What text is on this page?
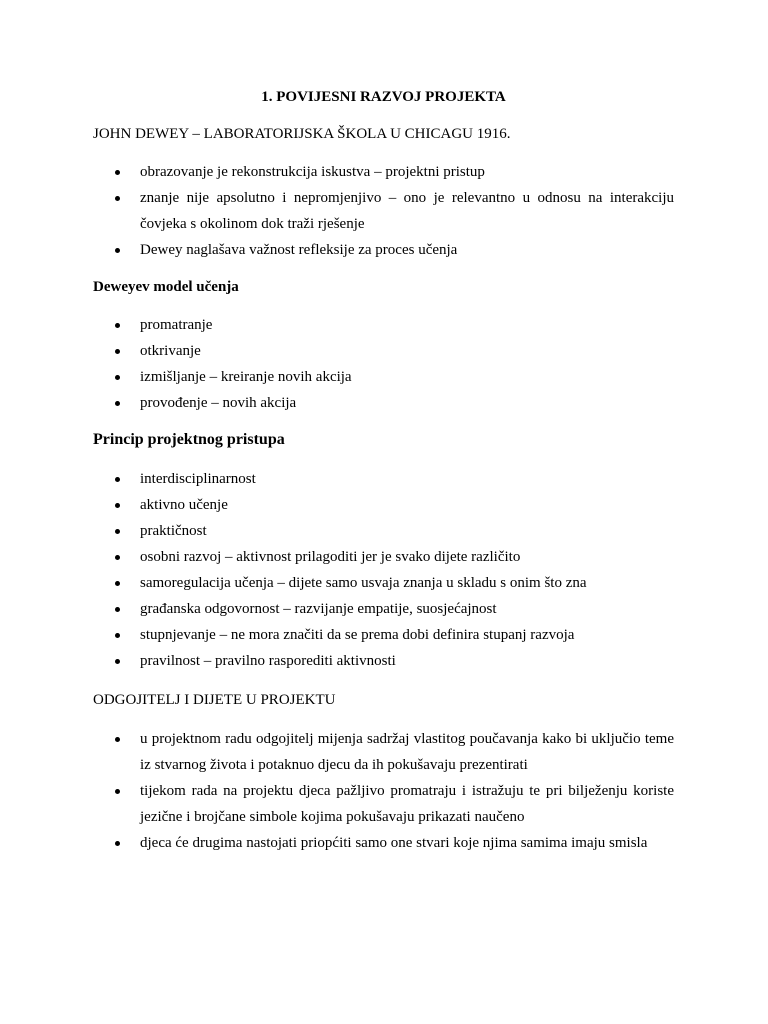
1. POVIJESNI RAZVOJ PROJEKTA

JOHN DEWEY – LABORATORIJSKA ŠKOLA U CHICAGU 1916.

obrazovanje je rekonstrukcija iskustva – projektni pristup
znanje nije apsolutno i nepromjenjivo – ono je relevantno u odnosu na interakciju čovjeka s okolinom dok traži rješenje
Dewey naglašava važnost refleksije za proces učenja

Deweyev model učenja

promatranje
otkrivanje
izmišljanje – kreiranje novih akcija
provođenje – novih akcija

Princip projektnog pristupa

interdisciplinarnost
aktivno učenje
praktičnost
osobni razvoj – aktivnost prilagoditi jer je svako dijete različito
samoregulacija učenja – dijete samo usvaja znanja u skladu s onim što zna
građanska odgovornost – razvijanje empatije, suosjećajnost
stupnjevanje – ne mora značiti da se prema dobi definira stupanj razvoja
pravilnost – pravilno rasporediti aktivnosti

ODGOJITELJ I DIJETE U PROJEKTU

u projektnom radu odgojitelj mijenja sadržaj vlastitog poučavanja kako bi uključio teme iz stvarnog života i potaknuo djecu da ih pokušavaju prezentirati
tijekom rada na projektu djeca pažljivo promatraju i istražuju te pri bilježenju koriste jezične i brojčane simbole kojima pokušavaju prikazati naučeno
djeca će drugima nastojati priopćiti samo one stvari koje njima samima imaju smisla
